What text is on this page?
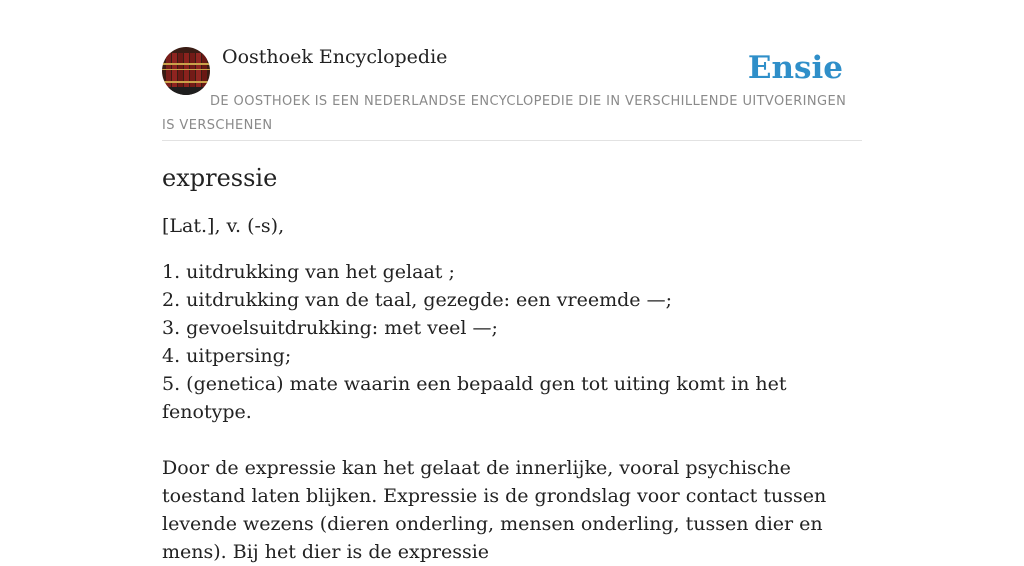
Oosthoek Encyclopedie	Ensie
DE OOSTHOEK IS EEN NEDERLANDSE ENCYCLOPEDIE DIE IN VERSCHILLENDE UITVOERINGEN IS VERSCHENEN
expressie

[Lat.], v. (-s),

1. uitdrukking van het gelaat ;
2. uitdrukking van de taal, gezegde: een vreemde —;
3. gevoelsuitdrukking: met veel —;
4. uitpersing;
5. (genetica) mate waarin een bepaald gen tot uiting komt in het fenotype.

Door de expressie kan het gelaat de innerlijke, vooral psychische toestand laten blijken. Expressie is de grondslag voor contact tussen levende wezens (dieren onderling, mensen onderling, tussen dier en mens). Bij het dier is de expressie
